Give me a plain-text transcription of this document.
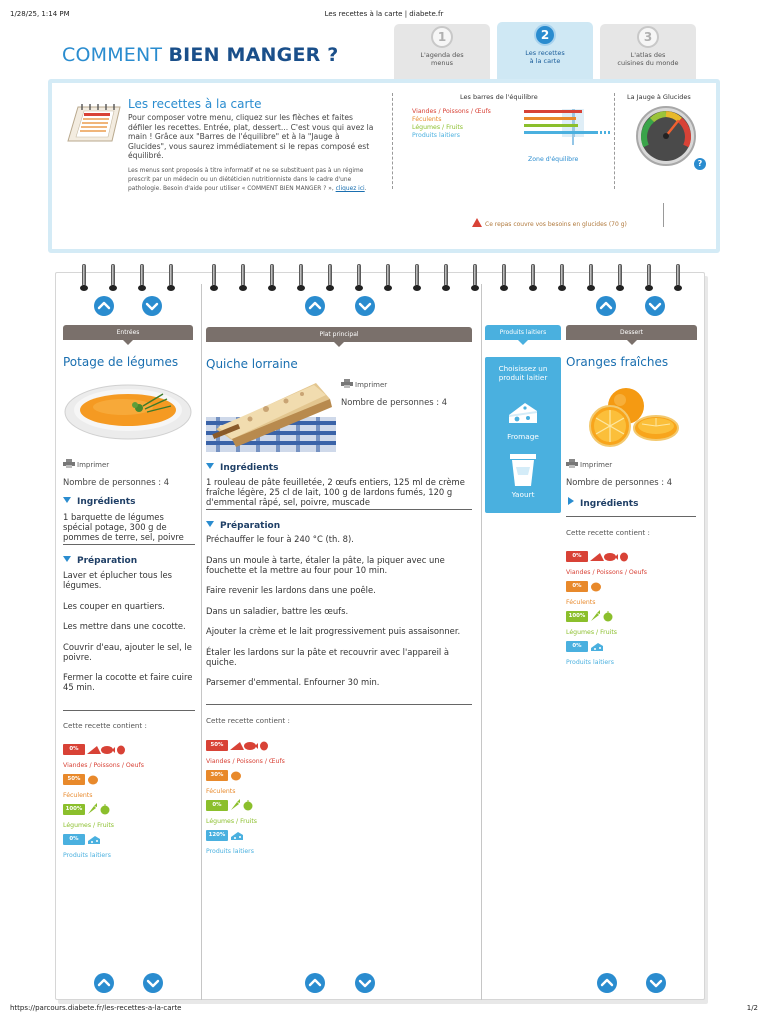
1/28/25, 1:14 PM	Les recettes à la carte | diabete.fr
COMMENT BIEN MANGER ?
1
L'agenda des
menus
2
Les recettes
à la carte
3
L'atlas des
cuisines du monde
Les recettes à la carte
Pour composer votre menu, cliquez sur les flèches et faites défiler les recettes. Entrée, plat, dessert... C'est vous qui avez la main ! Grâce aux "Barres de l'équilibre" et à la "Jauge à Glucides", vous saurez immédiatement si le repas composé est équilibré.
Les menus sont proposés à titre informatif et ne se substituent pas à un régime prescrit par un médecin ou un diététicien nutritionniste dans le cadre d'une pathologie. Besoin d'aide pour utiliser « COMMENT BIEN MANGER ? », cliquez ici.
Les barres de l'équilibre
Viandes / Poissons / Œufs
Féculents
Légumes / Fruits
Produits laitiers
Zone d'équilibre
La Jauge à Glucides
?
Ce repas couvre vos besoins en glucides (70 g)
Entrées
Potage de légumes
Imprimer
Nombre de personnes : 4
Ingrédients
1 barquette de légumes spécial potage, 300 g de pommes de terre, sel, poivre
Préparation

Laver et éplucher tous les légumes.

Les couper en quartiers.

Les mettre dans une cocotte.

Couvrir d'eau, ajouter le sel, le poivre.

Fermer la cocotte et faire cuire 45 min.

Cette recette contient :
0%
Viandes / Poissons / Oeufs
50%
Féculents
100%
Légumes / Fruits
0%
Produits laitiers
Plat principal
Quiche lorraine
Imprimer
Nombre de personnes : 4
Ingrédients
1 rouleau de pâte feuilletée, 2 œufs entiers, 125 ml de crème fraîche légère, 25 cl de lait, 100 g de lardons fumés, 120 g d'emmental râpé, sel, poivre, muscade
Préparation

Préchauffer le four à 240 °C (th. 8).

Dans un moule à tarte, étaler la pâte, la piquer avec une fouchette et la mettre au four pour 10 min.

Faire revenir les lardons dans une poêle.

Dans un saladier, battre les œufs.

Ajouter la crème et le lait progressivement puis assaisonner.

Étaler les lardons sur la pâte et recouvrir avec l'appareil à quiche.

Parsemer d'emmental. Enfourner 30 min.

Cette recette contient :
50%
Viandes / Poissons / Œufs
30%
Féculents
0%
Légumes / Fruits
120%
Produits laitiers
Produits laitiers
Choisissez un produit laitier
Fromage
Yaourt
Dessert
Oranges fraîches
Imprimer
Nombre de personnes : 4
Ingrédients
Cette recette contient :
0%
Viandes / Poissons / Oeufs
0%
Féculents
100%
Légumes / Fruits
0%
Produits laitiers
https://parcours.diabete.fr/les-recettes-a-la-carte	1/2
